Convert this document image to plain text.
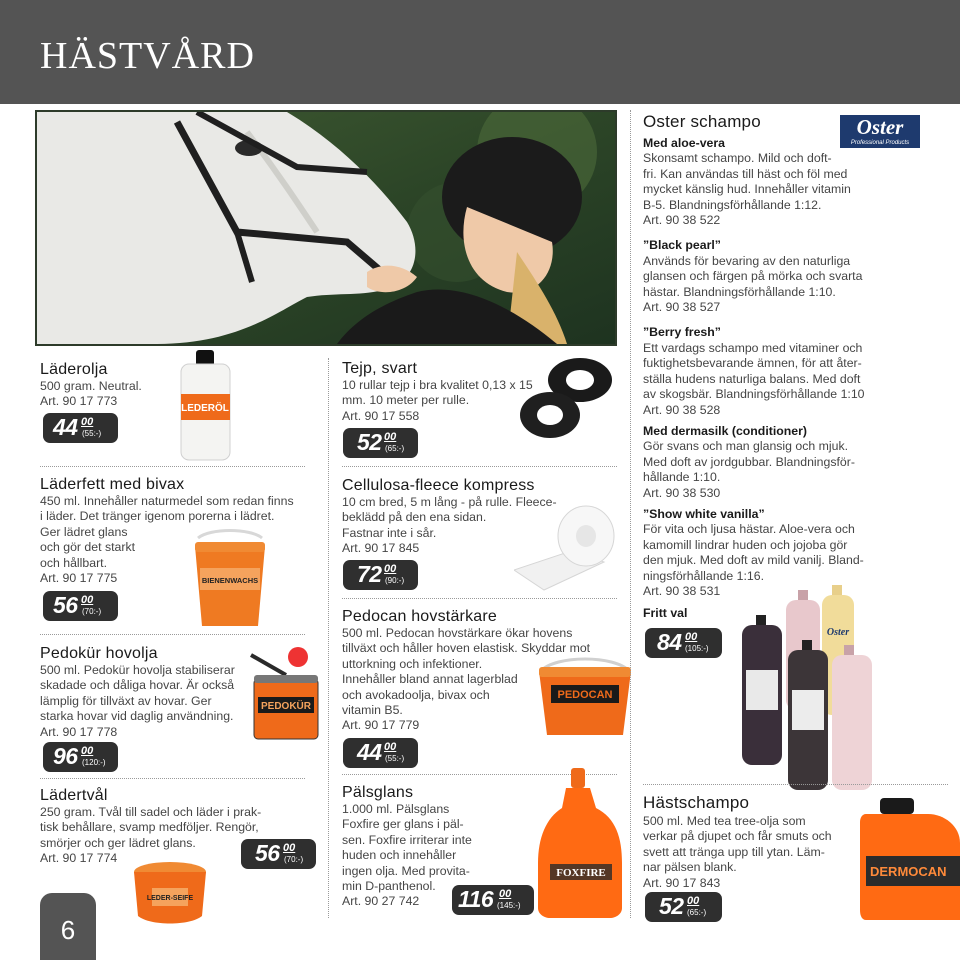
HÄSTVÅRD
Läderolja
500 gram. Neutral.
Art. 90 17 773
44 00
(55:-)
LEDERÖL
Läderfett med bivax
450 ml. Innehåller naturmedel som redan finns
i läder. Det tränger igenom porerna i lädret.
Ger lädret glans
och gör det starkt
och hållbart.
Art. 90 17 775
56 00
(70:-)
BIENENWACHS
Pedokür hovolja
500 ml. Pedokür hovolja stabiliserar
skadade och dåliga hovar. Är också
lämplig för tillväxt av hovar. Ger
starka hovar vid daglig användning.
Art. 90 17 778
96 00
(120:-)
PEDOKÜR
Lädertvål
250 gram. Tvål till sadel och läder i prak-
tisk behållare, svamp medföljer. Rengör,
smörjer och ger lädret glans.
Art. 90 17 774	56 00
(70:-)
LEDER-SEIFE
Tejp, svart
10 rullar tejp i bra kvalitet 0,13 x 15
mm. 10 meter per rulle.
Art. 90 17 558
52 00
(65:-)
Cellulosa-fleece kompress
10 cm bred, 5 m lång - på rulle. Fleece-
beklädd på den ena sidan.
Fastnar inte i sår.
Art. 90 17 845
72 00
(90:-)
Pedocan hovstärkare
500 ml. Pedocan hovstärkare ökar hovens
tillväxt och håller hoven elastisk. Skyddar mot
uttorkning och infektioner.
Innehåller bland annat lagerblad
och avokadoolja, bivax och
vitamin B5.
Art. 90 17 779
44 00
(55:-)
PEDOCAN
Pälsglans
1.000 ml. Pälsglans
Foxfire ger glans i päl-
sen. Foxfire irriterar inte
huden och innehåller
ingen olja. Med provita-
min D-panthenol.
Art. 90 27 742	116 00
(145:-)
FOXFIRE
Oster schampo
Med aloe-vera
Skonsamt schampo. Mild och doft-
fri. Kan användas till häst och föl med
mycket känslig hud. Innehåller vitamin
B-5. Blandningsförhållande 1:12.
Art. 90 38 522
”Black pearl”
Används för bevaring av den naturliga
glansen och färgen på mörka och svarta
hästar. Blandningsförhållande 1:10.
Art. 90 38 527
”Berry fresh”
Ett vardags schampo med vitaminer och
fuktighetsbevarande ämnen, för att åter-
ställa hudens naturliga balans. Med doft
av skogsbär. Blandningsförhållande 1:10
Art. 90 38 528
Med dermasilk (conditioner)
Gör svans och man glansig och mjuk.
Med doft av jordgubbar. Blandningsför-
hållande 1:10.
Art. 90 38 530
”Show white vanilla”
För vita och ljusa hästar. Aloe-vera och
kamomill lindrar huden och jojoba gör
den mjuk. Med doft av mild vanilj. Bland-
ningsförhållande 1:16.
Art. 90 38 531
Fritt val
Oster
Professional Products
84 00
(105:-)
Oster
Hästschampo
500 ml. Med tea tree-olja som
verkar på djupet och får smuts och
svett att tränga upp till ytan. Läm-
nar pälsen blank.
Art. 90 17 843
52 00
(65:-)
DERMOCAN
6
